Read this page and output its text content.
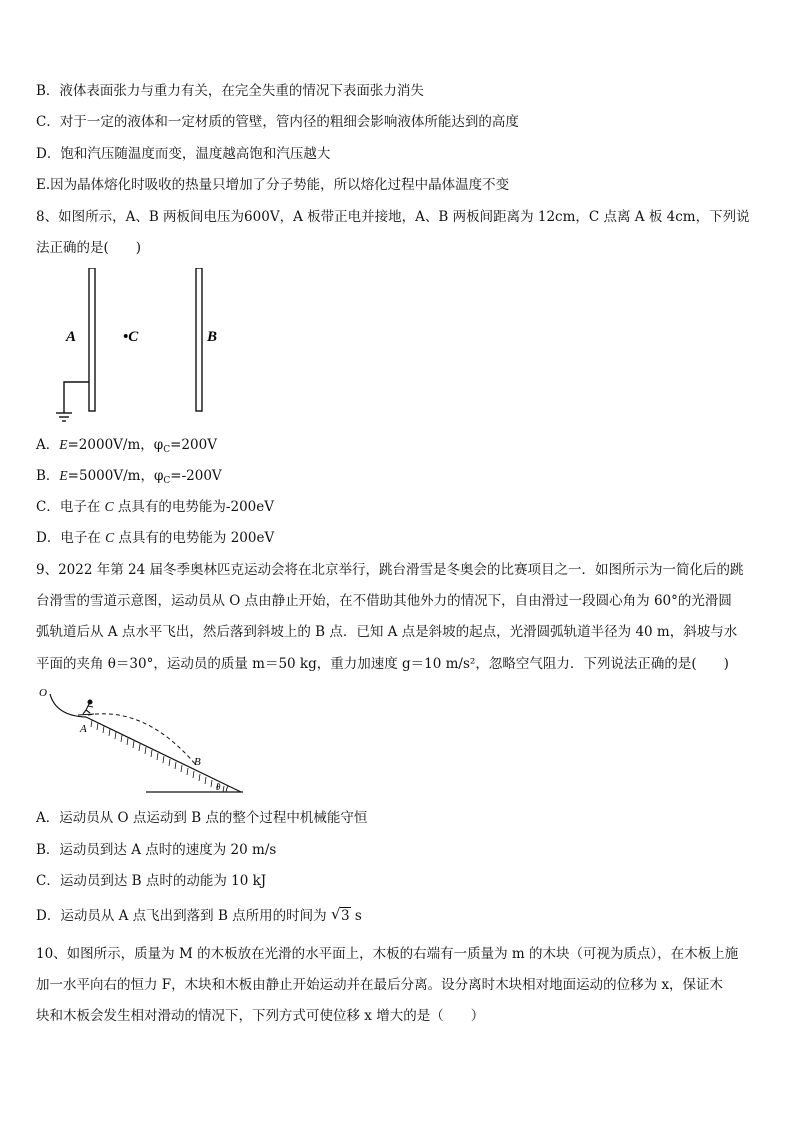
B．液体表面张力与重力有关，在完全失重的情况下表面张力消失
C．对于一定的液体和一定材质的管壁，管内径的粗细会影响液体所能达到的高度
D．饱和汽压随温度而变，温度越高饱和汽压越大
E.因为晶体熔化时吸收的热量只增加了分子势能，所以熔化过程中晶体温度不变
8、如图所示，A、B 两板间电压为600V，A 板带正电并接地，A、B 两板间距离为 12cm，C 点离 A 板 4cm，下列说
法正确的是(　　)
A	•C	B
A．E=2000V/m，$\varphi_C=200V$
B．E=5000V/m，$\varphi_C=-200V$
C．电子在 C 点具有的电势能为-200eV
D．电子在 C 点具有的电势能为 200eV
9、2022 年第 24 届冬季奥林匹克运动会将在北京举行，跳台滑雪是冬奥会的比赛项目之一．如图所示为一简化后的跳
台滑雪的雪道示意图，运动员从 O 点由静止开始，在不借助其他外力的情况下，自由滑过一段圆心角为 60°的光滑圆
弧轨道后从 A 点水平飞出，然后落到斜坡上的 B 点．已知 A 点是斜坡的起点，光滑圆弧轨道半径为 40 m，斜坡与水
平面的夹角 θ＝30°，运动员的质量 m＝50 kg，重力加速度 g＝10 m/s²，忽略空气阻力．下列说法正确的是(　　)
O
A
B
θ
A．运动员从 O 点运动到 B 点的整个过程中机械能守恒
B．运动员到达 A 点时的速度为 20 m/s
C．运动员到达 B 点时的动能为 10 kJ
D．运动员从 A 点飞出到落到 B 点所用的时间为 √ 3 s
10、如图所示，质量为 M 的木板放在光滑的水平面上，木板的右端有一质量为 m 的木块（可视为质点），在木板上施
加一水平向右的恒力 F，木块和木板由静止开始运动并在最后分离。设分离时木块相对地面运动的位移为 x，保证木
块和木板会发生相对滑动的情况下，下列方式可使位移 x 增大的是（　　）
